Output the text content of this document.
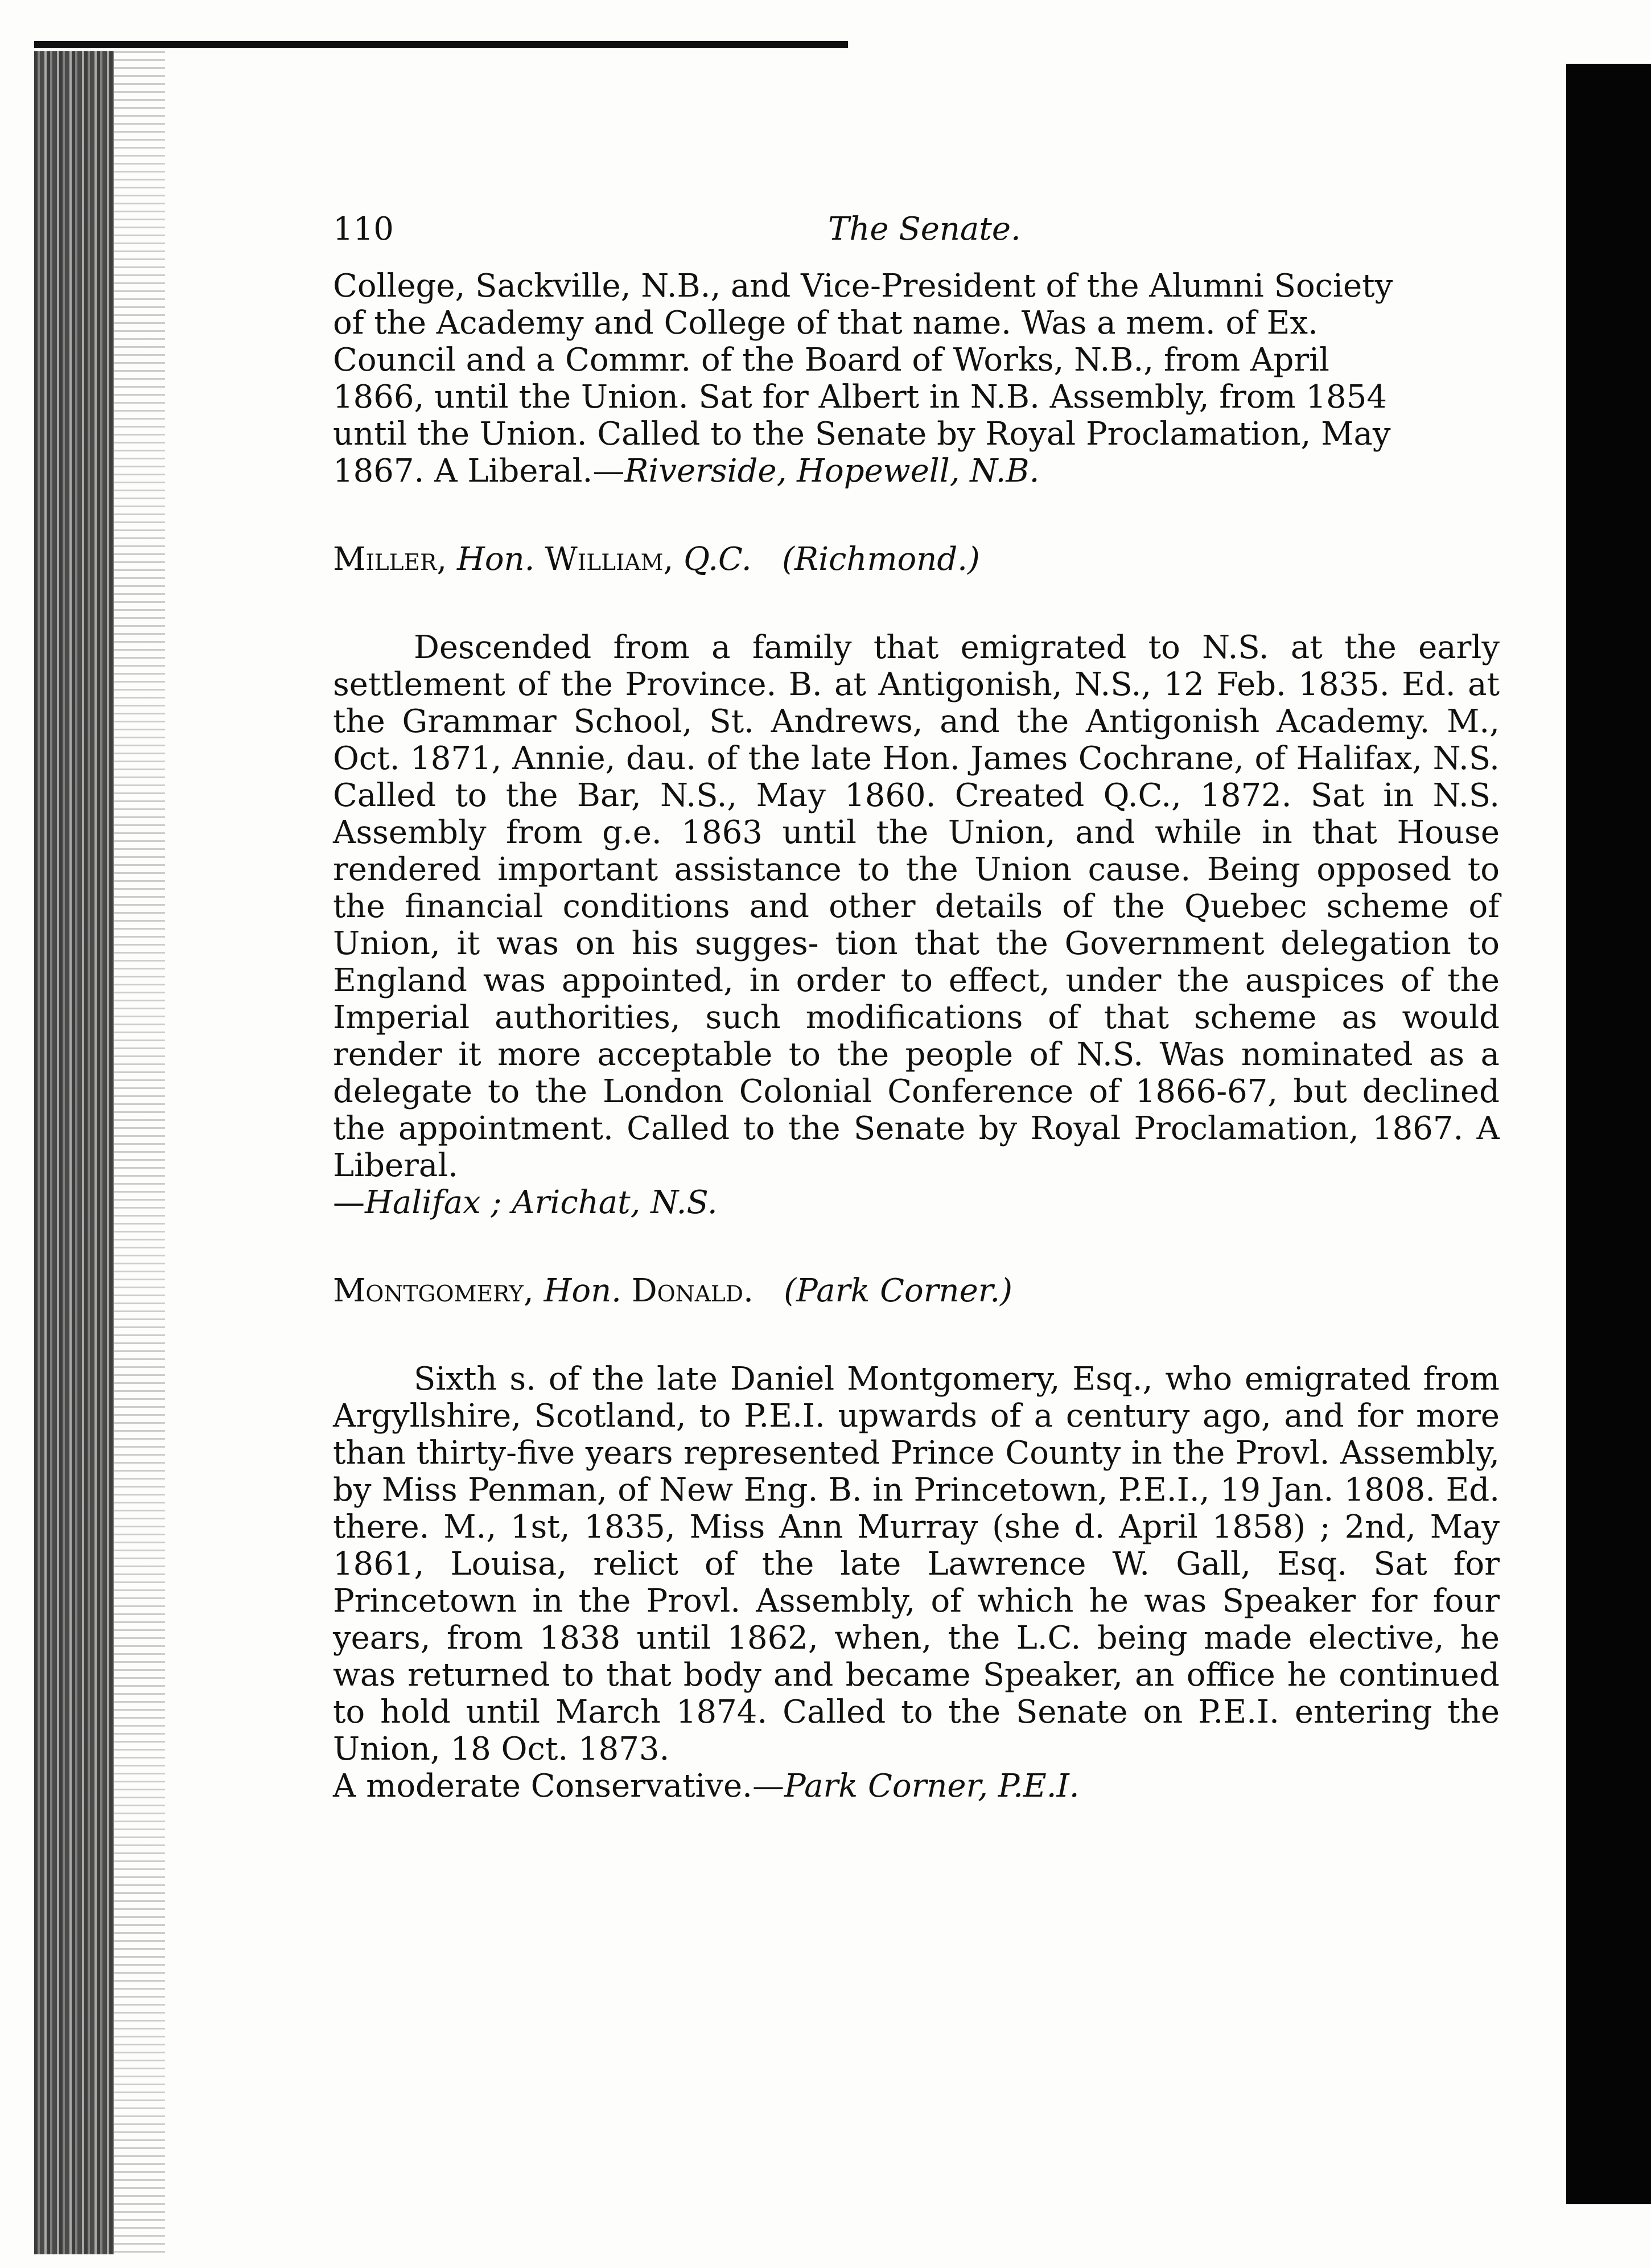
110	The Senate.

College, Sackville, N.B., and Vice-President of the Alumni Society
of the Academy and College of that name. Was a mem. of Ex.
Council and a Commr. of the Board of Works, N.B., from April
1866, until the Union. Sat for Albert in N.B. Assembly, from 1854
until the Union. Called to the Senate by Royal Proclamation, May
1867. A Liberal.—Riverside, Hopewell, N.B.

Miller, Hon. William, Q.C. (Richmond.)

Descended from a family that emigrated to N.S. at the early settlement of the Province. B. at Antigonish, N.S., 12 Feb. 1835. Ed. at the Grammar School, St. Andrews, and the Antigonish Academy. M., Oct. 1871, Annie, dau. of the late Hon. James Cochrane, of Halifax, N.S. Called to the Bar, N.S., May 1860. Created Q.C., 1872. Sat in N.S. Assembly from g.e. 1863 until the Union, and while in that House rendered important assistance to the Union cause. Being opposed to the financial conditions and other details of the Quebec scheme of Union, it was on his sugges- tion that the Government delegation to England was appointed, in order to effect, under the auspices of the Imperial authorities, such modifications of that scheme as would render it more acceptable to the people of N.S. Was nominated as a delegate to the London Colonial Conference of 1866-67, but declined the appointment. Called to the Senate by Royal Proclamation, 1867. A Liberal.
—Halifax ; Arichat, N.S.

Montgomery, Hon. Donald.   (Park Corner.)

Sixth s. of the late Daniel Montgomery, Esq., who emigrated from Argyllshire, Scotland, to P.E.I. upwards of a century ago, and for more than thirty-five years represented Prince County in the Provl. Assembly, by Miss Penman, of New Eng. B. in Princetown, P.E.I., 19 Jan. 1808. Ed. there. M., 1st, 1835, Miss Ann Murray (she d. April 1858) ; 2nd, May 1861, Louisa, relict of the late Lawrence W. Gall, Esq. Sat for Princetown in the Provl. Assembly, of which he was Speaker for four years, from 1838 until 1862, when, the L.C. being made elective, he was returned to that body and became Speaker, an office he continued to hold until March 1874. Called to the Senate on P.E.I. entering the Union, 18 Oct. 1873.
A moderate Conservative.—Park Corner, P.E.I.
